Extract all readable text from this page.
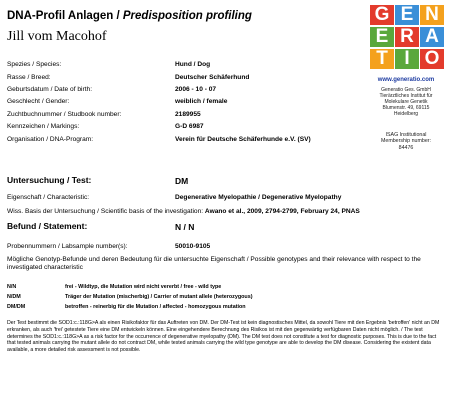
DNA-Profil Anlagen / Predisposition profiling
Jill vom Macohof
G E N
E R A
T I O
www.generatio.com
Generatio Ges. GmbH
Tierärztliches Institut für
Molekulare Genetik
Blumenstr. 49, 69115
Heidelberg
ISAG Institutional
Membership number:
84476
Spezies / Species:	Hund / Dog
Rasse / Breed:	Deutscher Schäferhund
Geburtsdatum / Date of birth:	2006 - 10 - 07
Geschlecht / Gender:	weiblich / female
Zuchtbuchnummer / Studbook number:	2189955
Kennzeichen / Markings:	G-D 6987
Organisation / DNA-Program:	Verein für Deutsche Schäferhunde e.V. (SV)
Untersuchung / Test:	DM
Eigenschaft / Characteristic:	Degenerative Myelopathie / Degenerative Myelopathy
Wiss. Basis der Untersuchung / Scientific basis of the investigation: Awano et al., 2009, 2794-2799, February 24, PNAS
Befund / Statement:	N / N
Probennummern / Labsample number(s):	50010-9105
Mögliche Genotyp-Befunde und deren Bedeutung für die untersuchte Eigenschaft / Possible genotypes and their relevance with respect to the investigated characteristic
N/N	frei - Wildtyp, die Mutation wird nicht vererbt / free - wild type
N/DM	Träger der Mutation (mischerbig) / Carrier of mutant allele (heterozygous)
DM/DM	betroffen - reinerbig für die Mutation / affected - homozygous mutation
Der Test bestimmt die SOD1:c.:118G>A als einen Risikofaktor für das Auftreten von DM. Der DM-Test ist kein diagnostisches Mittel, da sowohl Tiere mit den Ergebnis 'betroffen' nicht an DM erkranken, als auch 'frei' getestete Tiere eine DM entwickeln können. Eine eingehendere Berechnung des Risikos ist mit den gegenwärtig verfügbaren Daten nicht möglich. / The test determines the SOD1:c.:118G>A as a risk factor for the occurrence of degenerative myelopathy (DM). The DM test does not constitute a test for diagnostic purposes. This is due to the fact that tested animals carrying the mutant allele do not contract DM, while tested animals carrying the wild type genotype are able to develop the DM disease. Considering the existent data available, a more detailed risk assessment is not possible.
